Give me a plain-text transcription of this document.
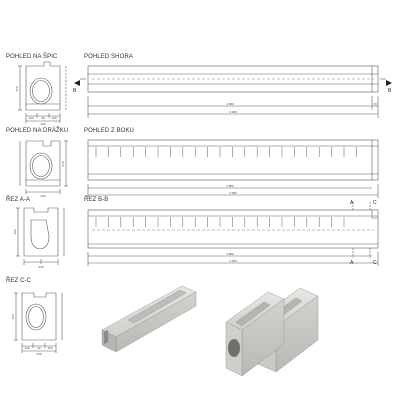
POHLED NA ŠPIC
POHLED NA DRÁŽKU
ŘEZ A-A
ŘEZ C-C
POHLED SHORA
POHLED Z BOKU
ŘEZ B-B
B	B
A	C
A	C
3 860	70
4 000
3 860
4 000
3 860
4 000
240
100	40 100
240
240
240
100	40 100
370
370
460
420
